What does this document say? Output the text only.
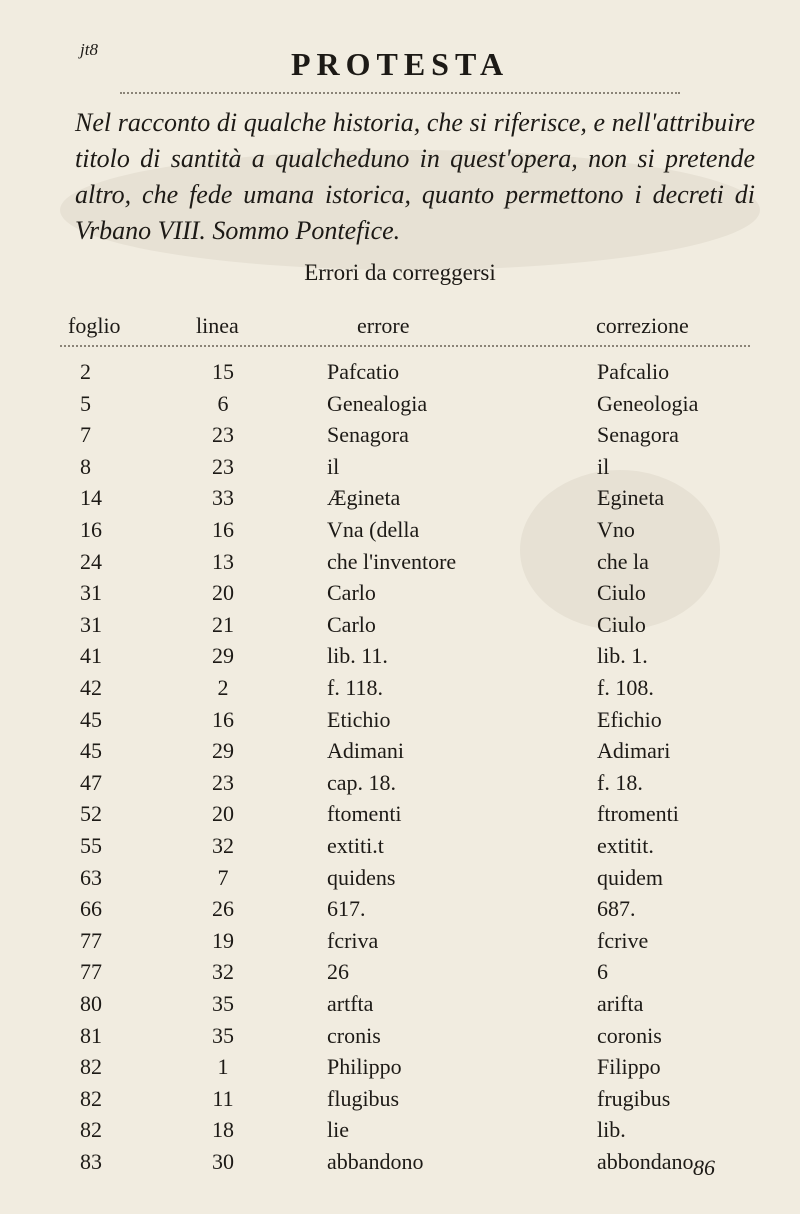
jt8	PROTESTA
Nel racconto di qualche historia, che si riferisce, e nell'attribuire titolo di santità a qualcheduno in quest'opera, non si pretende altro, che fede umana istorica, quanto permettono i decreti di Vrbano VIII. Sommo Pontefice.
Errori da correggersi
foglio	linea	errore	correzione
2	15	Pafcatio	Pafcalio
5	6	Genealogia	Geneologia
7	23	Senagora	Senagora
8	23	il	il
14	33	Ægineta	Egineta
16	16	Vna (della	Vno
24	13	che l'inventore	che la
31	20	Carlo	Ciulo
31	21	Carlo	Ciulo
41	29	lib. 11.	lib. 1.
42	2	f. 118.	f. 108.
45	16	Etichio	Efichio
45	29	Adimani	Adimari
47	23	cap. 18.	f. 18.
52	20	ftomenti	ftromenti
55	32	extiti.t	extitit.
63	7	quidens	quidem
66	26	617.	687.
77	19	fcriva	fcrive
77	32	26	6
80	35	artfta	arifta
81	35	cronis	coronis
82	1	Philippo	Filippo
82	11	flugibus	frugibus
82	18	lie	lib.
83	30	abbandono	abbondano 86
